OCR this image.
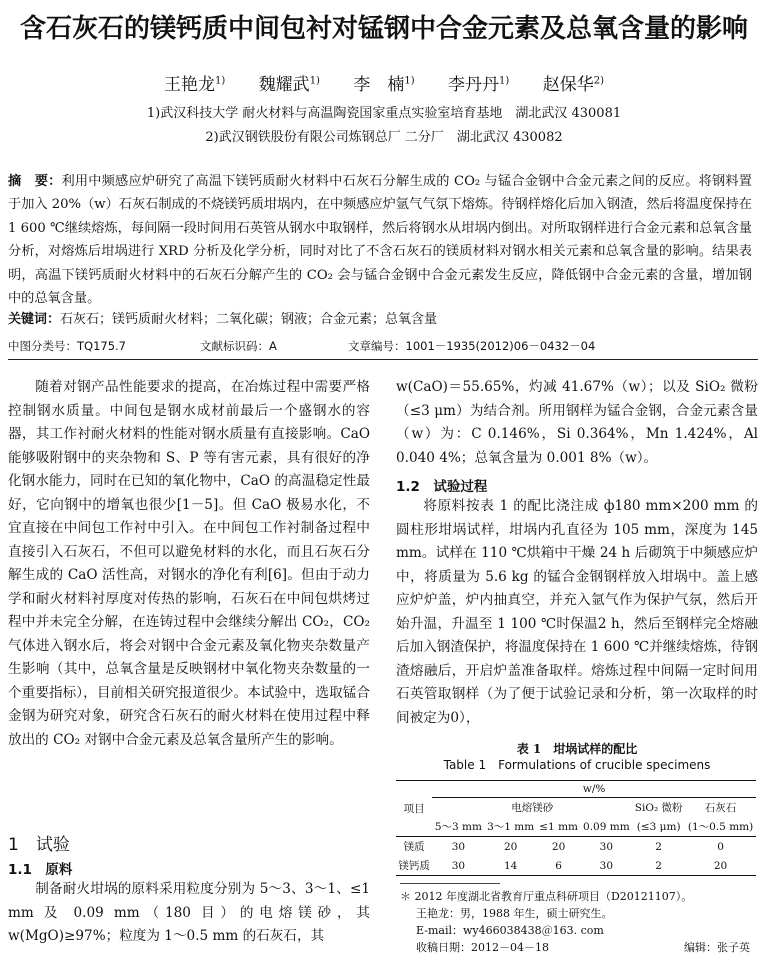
含石灰石的镁钙质中间包衬对锰钢中合金元素及总氧含量的影响
王艳龙$^{1)}$ 魏耀武$^{1)}$ 李　楠$^{1)}$ 李丹丹$^{1)}$ 赵保华$^{2)}$
1)武汉科技大学 耐火材料与高温陶瓷国家重点实验室培育基地　湖北武汉 430081
2)武汉钢铁股份有限公司炼钢总厂 二分厂　湖北武汉 430082
摘　要：利用中频感应炉研究了高温下镁钙质耐火材料中石灰石分解生成的 CO₂ 与锰合金钢中合金元素之间的反应。将钢料置于加入 20%（w）石灰石制成的不烧镁钙质坩埚内，在中频感应炉氩气气氛下熔炼。待钢样熔化后加入钢渣，然后将温度保持在 1 600 ℃继续熔炼，每间隔一段时间用石英管从钢水中取钢样，然后将钢水从坩埚内倒出。对所取钢样进行合金元素和总氧含量分析，对熔炼后坩埚进行 XRD 分析及化学分析，同时对比了不含石灰石的镁质材料对钢水相关元素和总氧含量的影响。结果表明，高温下镁钙质耐火材料中的石灰石分解产生的 CO₂ 会与锰合金钢中合金元素发生反应，降低钢中合金元素的含量，增加钢中的总氧含量。
关键词：石灰石；镁钙质耐火材料；二氧化碳；钢液；合金元素；总氧含量
中图分类号：TQ175.7	文献标识码：A	文章编号：1001－1935(2012)06－0432－04

随着对钢产品性能要求的提高，在冶炼过程中需要严格控制钢水质量。中间包是钢水成材前最后一个盛钢水的容器，其工作衬耐火材料的性能对钢水质量有直接影响。CaO 能够吸附钢中的夹杂物和 S、P 等有害元素，具有很好的净化钢水能力，同时在已知的氧化物中，CaO 的高温稳定性最好，它向钢中的增氧也很少[1－5]。但 CaO 极易水化，不宜直接在中间包工作衬中引入。在中间包工作衬制备过程中直接引入石灰石，不但可以避免材料的水化，而且石灰石分解生成的 CaO 活性高，对钢水的净化有利[6]。但由于动力学和耐火材料衬厚度对传热的影响，石灰石在中间包烘烤过程中并未完全分解，在连铸过程中会继续分解出 CO₂，CO₂ 气体进入钢水后，将会对钢中合金元素及氧化物夹杂数量产生影响（其中，总氧含量是反映钢材中氧化物夹杂数量的一个重要指标），目前相关研究报道很少。本试验中，选取锰合金钢为研究对象，研究含石灰石的耐火材料在使用过程中释放出的 CO₂ 对钢中合金元素及总氧含量所产生的影响。

1　试验
1.1　原料

制备耐火坩埚的原料采用粒度分别为 5～3、3～1、≤1 mm 及 0.09 mm（180 目）的电熔镁砂，其 w(MgO)≥97%；粒度为 1～0.5 mm 的石灰石，其

w(CaO)＝55.65%，灼减 41.67%（w）；以及 SiO₂ 微粉（≤3 μm）为结合剂。所用钢样为锰合金钢，合金元素含量（w）为：C 0.146%，Si 0.364%，Mn 1.424%，Al 0.040 4%；总氧含量为 0.001 8%（w）。

1.2　试验过程

将原料按表 1 的配比浇注成 ф180 mm×200 mm 的圆柱形坩埚试样，坩埚内孔直径为 105 mm，深度为 145 mm。试样在 110 ℃烘箱中干燥 24 h 后砌筑于中频感应炉中，将质量为 5.6 kg 的锰合金钢钢样放入坩埚中。盖上感应炉炉盖，炉内抽真空，并充入氩气作为保护气氛，然后开始升温，升温至 1 100 ℃时保温2 h，然后至钢样完全熔融后加入钢渣保护，将温度保持在 1 600 ℃并继续熔炼，待钢渣熔融后，开启炉盖准备取样。熔炼过程中间隔一定时间用石英管取钢样（为了便于试验记录和分析，第一次取样的时间被定为0），

表 1　坩埚试样的配比
Table 1　Formulations of crucible specimens
项目	w/%					
	电熔镁砂				SiO₂ 微粉	石灰石
	5～3 mm	3～1 mm	≤1 mm	0.09 mm	(≤3 μm)	(1～0.5 mm)
镁质	30	20	20	30	2	0
镁钙质	30	14	6	30	2	20
＊ 2012 年度湖北省教育厅重点科研项目（D20121107）。
王艳龙：男，1988 年生，硕士研究生。
E-mail：wy466038438＠163. com
收稿日期：2012－04－18	编辑：张子英
